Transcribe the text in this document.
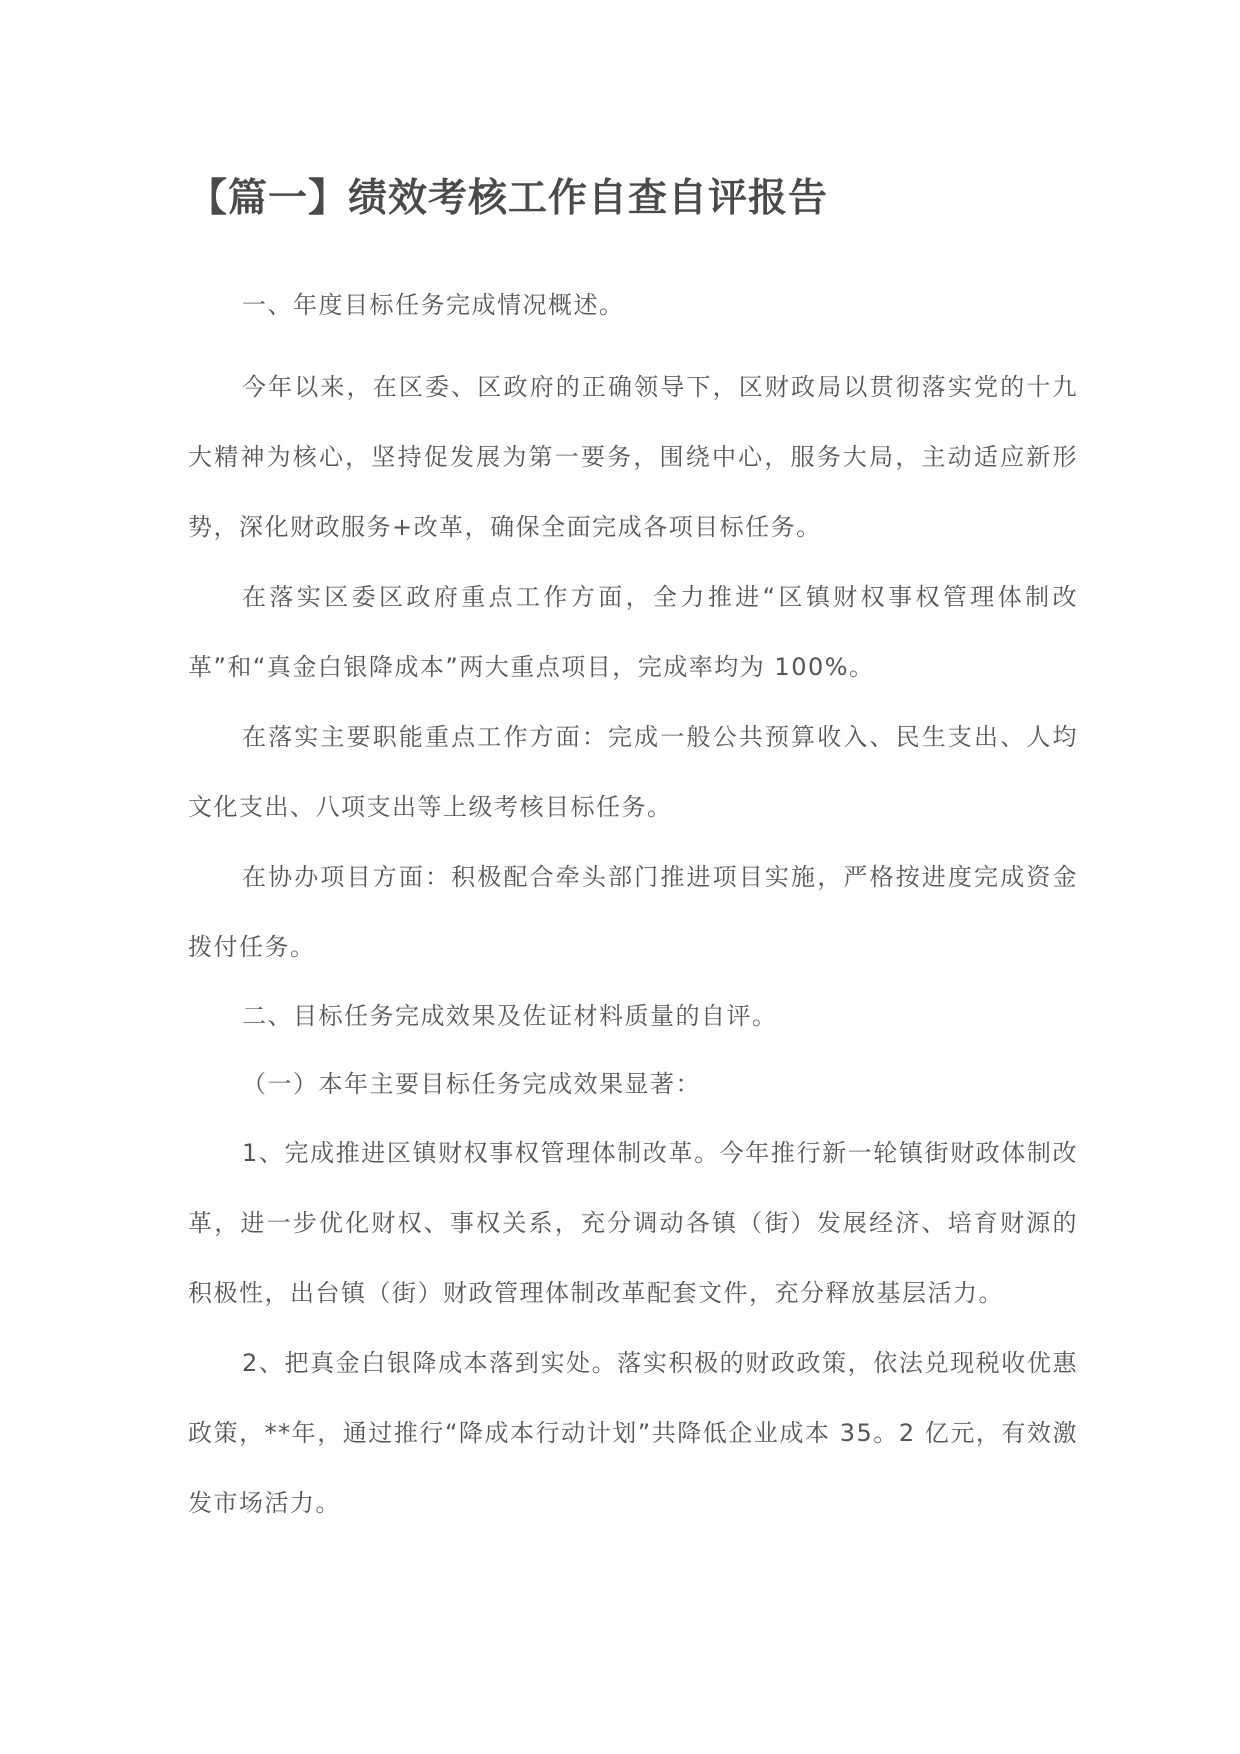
【篇一】绩效考核工作自查自评报告

一、年度目标任务完成情况概述。

今年以来，在区委、区政府的正确领导下，区财政局以贯彻落实党的十九大精神为核心，坚持促发展为第一要务，围绕中心，服务大局，主动适应新形势，深化财政服务+改革，确保全面完成各项目标任务。

在落实区委区政府重点工作方面，全力推进“区镇财权事权管理体制改革”和“真金白银降成本”两大重点项目，完成率均为 100%。

在落实主要职能重点工作方面：完成一般公共预算收入、民生支出、人均文化支出、八项支出等上级考核目标任务。

在协办项目方面：积极配合牵头部门推进项目实施，严格按进度完成资金拨付任务。

二、目标任务完成效果及佐证材料质量的自评。

（一）本年主要目标任务完成效果显著：

1、完成推进区镇财权事权管理体制改革。今年推行新一轮镇街财政体制改革，进一步优化财权、事权关系，充分调动各镇（街）发展经济、培育财源的积极性，出台镇（街）财政管理体制改革配套文件，充分释放基层活力。

2、把真金白银降成本落到实处。落实积极的财政政策，依法兑现税收优惠政策，**年，通过推行“降成本行动计划”共降低企业成本 35。2 亿元，有效激发市场活力。
